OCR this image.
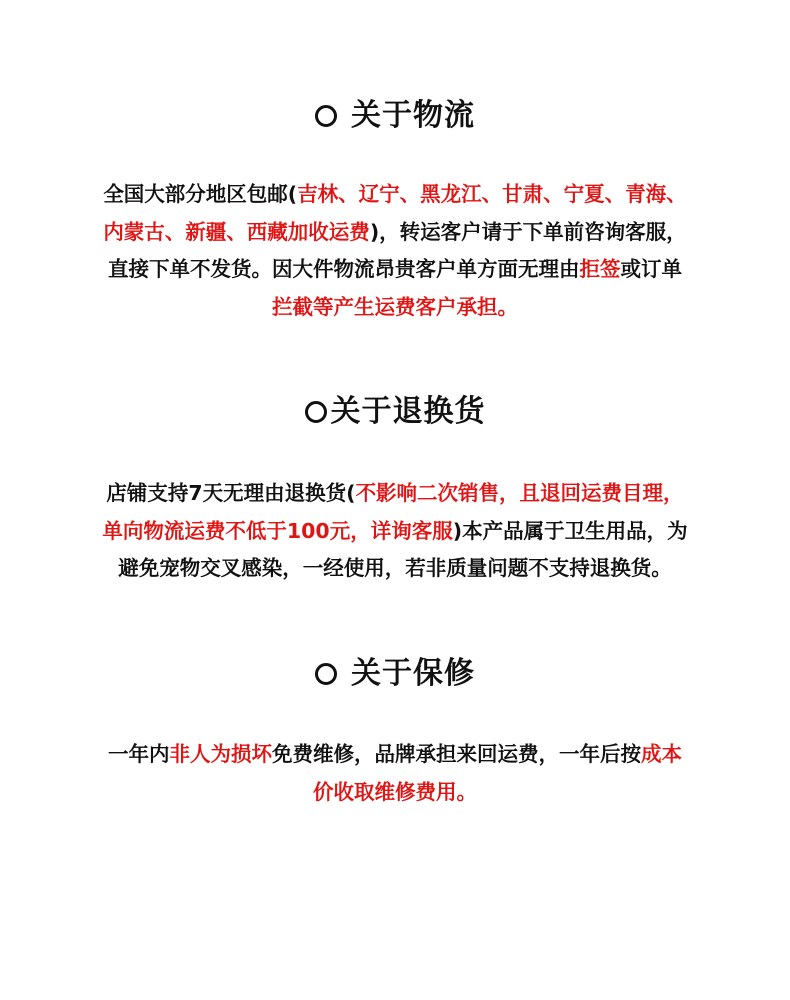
关于物流
全国大部分地区包邮(吉林、辽宁、黑龙江、甘肃、宁夏、青海、
内蒙古、新疆、西藏加收运费)，转运客户请于下单前咨询客服，
直接下单不发货。因大件物流昂贵客户单方面无理由拒签或订单
拦截等产生运费客户承担。
关于退换货
店铺支持7天无理由退换货(不影响二次销售，且退回运费目理，
单向物流运费不低于100元，详询客服)本产品属于卫生用品，为
避免宠物交叉感染，一经使用，若非质量问题不支持退换货。
关于保修
一年内非人为损坏免费维修，品牌承担来回运费，一年后按成本
价收取维修费用。
